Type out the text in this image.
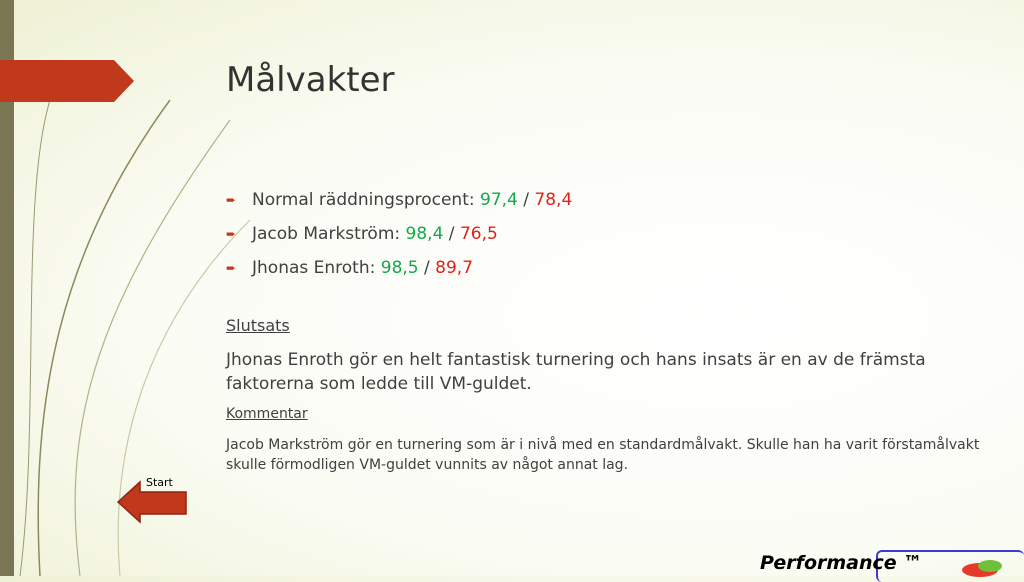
Målvakter
➨ Normal räddningsprocent: 97,4 / 78,4
➨ Jacob Markström: 98,4 / 76,5
➨ Jhonas Enroth: 98,5 / 89,7
Slutsats
Jhonas Enroth gör en helt fantastisk turnering och hans insats är en av de främsta faktorerna som ledde till VM-guldet.
Kommentar
Jacob Markström gör en turnering som är i nivå med en standardmålvakt. Skulle han ha varit förstamålvakt skulle förmodligen VM-guldet vunnits av något annat lag.
Start
Performance ™
